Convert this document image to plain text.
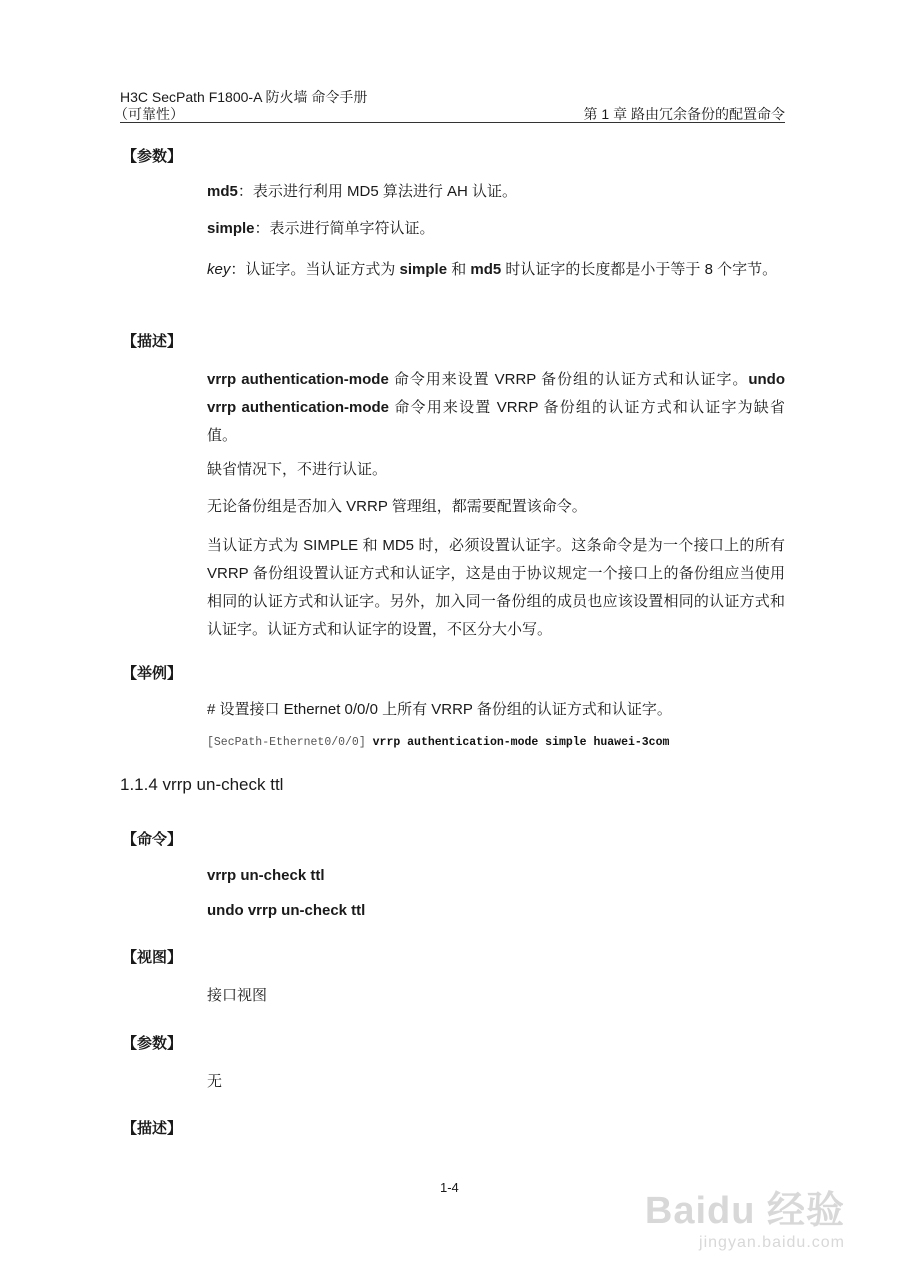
H3C SecPath F1800-A 防火墙 命令手册
（可靠性）	第 1 章 路由冗余备份的配置命令
【参数】
md5：表示进行利用 MD5 算法进行 AH 认证。
simple：表示进行简单字符认证。
key：认证字。当认证方式为 simple 和 md5 时认证字的长度都是小于等于 8 个字节。
【描述】
vrrp authentication-mode 命令用来设置 VRRP 备份组的认证方式和认证字。undo vrrp authentication-mode 命令用来设置 VRRP 备份组的认证方式和认证字为缺省值。
缺省情况下，不进行认证。
无论备份组是否加入 VRRP 管理组，都需要配置该命令。
当认证方式为 SIMPLE 和 MD5 时，必须设置认证字。这条命令是为一个接口上的所有 VRRP 备份组设置认证方式和认证字，这是由于协议规定一个接口上的备份组应当使用相同的认证方式和认证字。另外，加入同一备份组的成员也应该设置相同的认证方式和认证字。认证方式和认证字的设置，不区分大小写。
【举例】
# 设置接口 Ethernet 0/0/0 上所有 VRRP 备份组的认证方式和认证字。
[SecPath-Ethernet0/0/0] vrrp authentication-mode simple huawei-3com
1.1.4 vrrp un-check ttl
【命令】
vrrp un-check ttl
undo vrrp un-check ttl
【视图】
接口视图
【参数】
无
【描述】
1-4
Baidu 经验
jingyan.baidu.com
